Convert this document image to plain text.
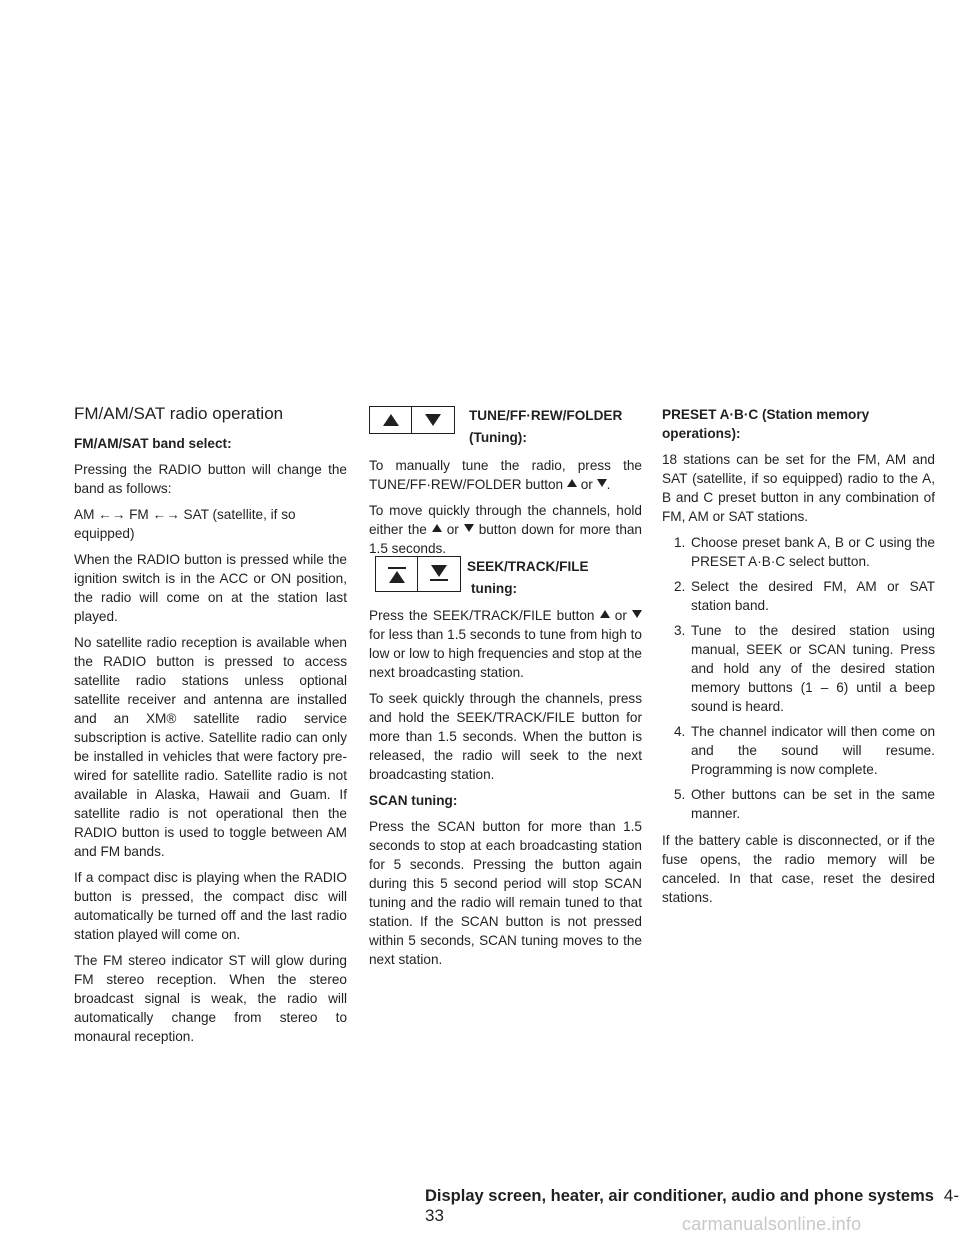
FM/AM/SAT radio operation

FM/AM/SAT band select:

Pressing the RADIO button will change the band as follows:

AM ←→ FM ←→ SAT (satellite, if so equipped)

When the RADIO button is pressed while the ignition switch is in the ACC or ON position, the radio will come on at the station last played.

No satellite radio reception is available when the RADIO button is pressed to access satellite radio stations unless optional satellite receiver and antenna are installed and an XM® satellite radio service subscription is active. Satellite radio can only be installed in vehicles that were factory pre-wired for satellite radio. Satellite radio is not available in Alaska, Hawaii and Guam. If satellite radio is not operational then the RADIO button is used to toggle between AM and FM bands.

If a compact disc is playing when the RADIO button is pressed, the compact disc will automatically be turned off and the last radio station played will come on.

The FM stereo indicator ST will glow during FM stereo reception. When the stereo broadcast signal is weak, the radio will automatically change from stereo to monaural reception.

TUNE/FF·REW/FOLDER
(Tuning):

To manually tune the radio, press the TUNE/FF·REW/FOLDER button or .

To move quickly through the channels, hold either the or button down for more than 1.5 seconds.

SEEK/TRACK/FILE
tuning:

Press the SEEK/TRACK/FILE button or  for less than 1.5 seconds to tune from high to low or low to high frequencies and stop at the next broadcasting station.

To seek quickly through the channels, press and hold the SEEK/TRACK/FILE button for more than 1.5 seconds. When the button is released, the radio will seek to the next broadcasting station.

SCAN tuning:

Press the SCAN button for more than 1.5 seconds to stop at each broadcasting station for 5 seconds. Pressing the button again during this 5 second period will stop SCAN tuning and the radio will remain tuned to that station. If the SCAN button is not pressed within 5 seconds, SCAN tuning moves to the next station.

PRESET A·B·C (Station memory operations):

18 stations can be set for the FM, AM and SAT (satellite, if so equipped) radio to the A, B and C preset button in any combination of FM, AM or SAT stations.

1. Choose preset bank A, B or C using the PRESET A·B·C select button.
2. Select the desired FM, AM or SAT station band.
3. Tune to the desired station using manual, SEEK or SCAN tuning. Press and hold any of the desired station memory buttons (1 – 6) until a beep sound is heard.
4. The channel indicator will then come on and the sound will resume. Programming is now complete.
5. Other buttons can be set in the same manner.

If the battery cable is disconnected, or if the fuse opens, the radio memory will be canceled. In that case, reset the desired stations.

Display screen, heater, air conditioner, audio and phone systems 4-33	carmanualsonline.info
